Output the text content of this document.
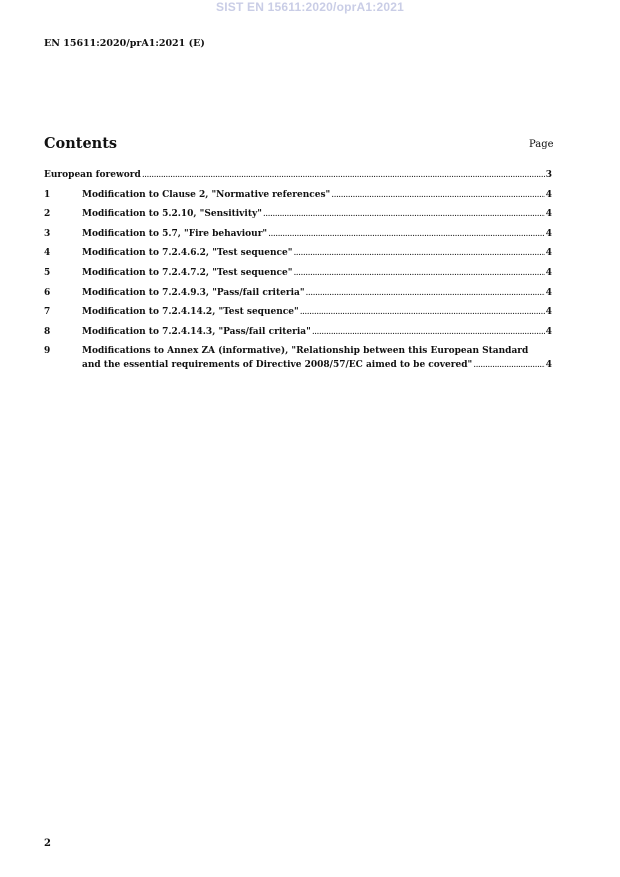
SIST EN 15611:2020/oprA1:2021
EN 15611:2020/prA1:2021 (E)
Contents	Page
European foreword .....	3
1	Modification to Clause 2, "Normative references" .....	4
2	Modification to 5.2.10, "Sensitivity" .....	4
3	Modification to 5.7, "Fire behaviour" .....	4
4	Modification to 7.2.4.6.2, "Test sequence" .....	4
5	Modification to 7.2.4.7.2, "Test sequence" .....	4
6	Modification to 7.2.4.9.3, "Pass/fail criteria" .....	4
7	Modification to 7.2.4.14.2, "Test sequence" .....	4
8	Modification to 7.2.4.14.3, "Pass/fail criteria" .....	4
9	Modifications to Annex ZA (informative), "Relationship between this European Standard
and the essential requirements of Directive 2008/57/EC aimed to be covered" .....	4
2
